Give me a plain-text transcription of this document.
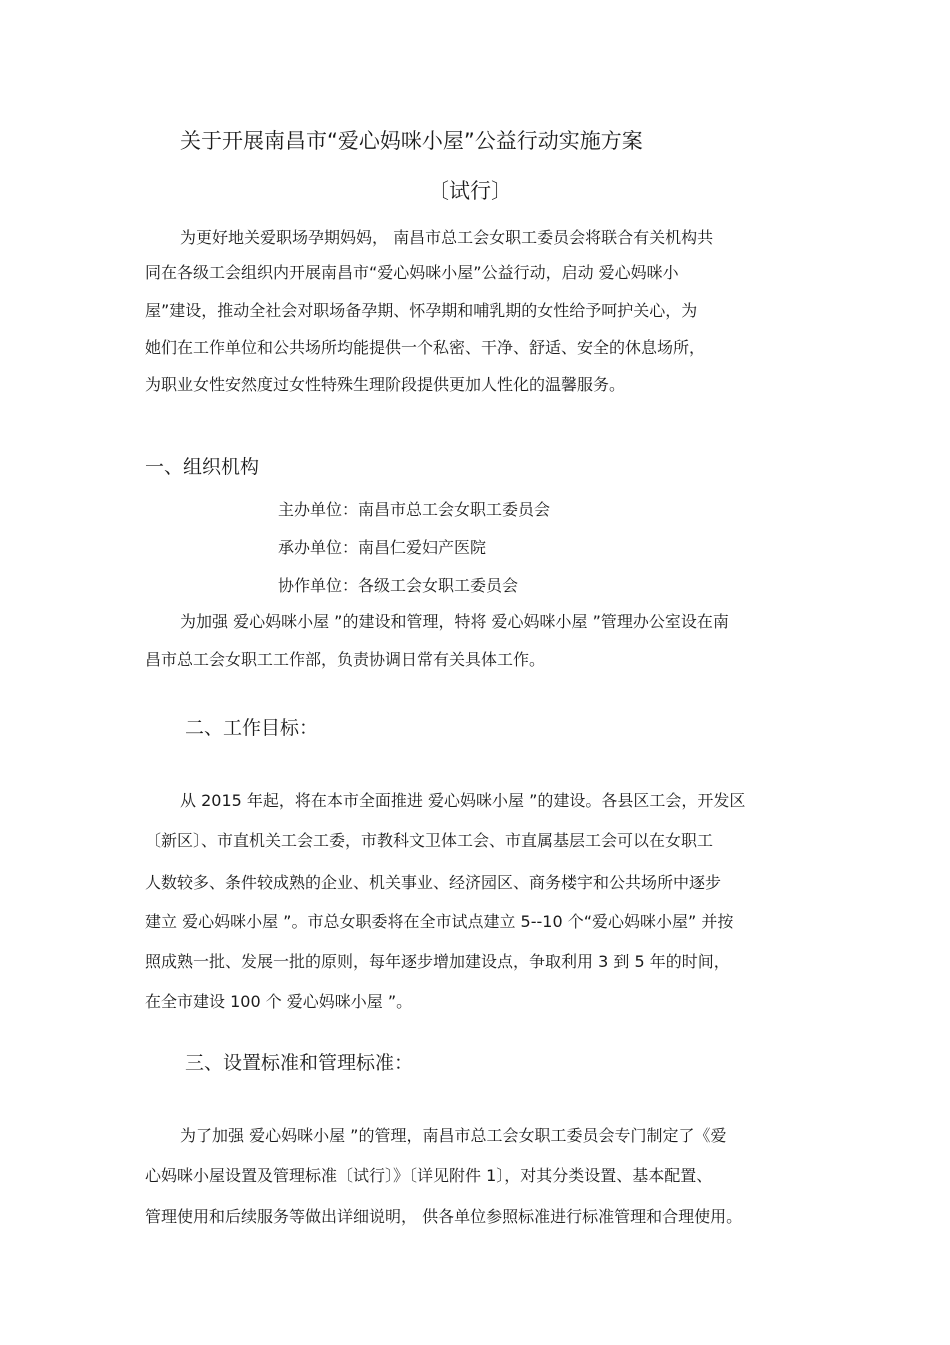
关于开展南昌市“爱心妈咪小屋”公益行动实施方案
〔试行〕
为更好地关爱职场孕期妈妈， 南昌市总工会女职工委员会将联合有关机构共
同在各级工会组织内开展南昌市“爱心妈咪小屋”公益行动，启动 爱心妈咪小
屋”建设，推动全社会对职场备孕期、怀孕期和哺乳期的女性给予呵护关心，为
她们在工作单位和公共场所均能提供一个私密、干净、舒适、安全的休息场所，
为职业女性安然度过女性特殊生理阶段提供更加人性化的温馨服务。
一、组织机构
主办单位：南昌市总工会女职工委员会
承办单位：南昌仁爱妇产医院
协作单位：各级工会女职工委员会
为加强 爱心妈咪小屋 ”的建设和管理，特将 爱心妈咪小屋 ”管理办公室设在南
昌市总工会女职工工作部，负责协调日常有关具体工作。
二、工作目标：
从 2015 年起，将在本市全面推进 爱心妈咪小屋 ”的建设。各县区工会，开发区
〔新区〕、市直机关工会工委，市教科文卫体工会、市直属基层工会可以在女职工
人数较多、条件较成熟的企业、机关事业、经济园区、商务楼宇和公共场所中逐步
建立 爱心妈咪小屋 ”。市总女职委将在全市试点建立 5--10 个“爱心妈咪小屋” 并按
照成熟一批、发展一批的原则，每年逐步增加建设点，争取利用 3 到 5 年的时间，
在全市建设 100 个 爱心妈咪小屋 ”。
三、设置标准和管理标准：
为了加强 爱心妈咪小屋 ”的管理，南昌市总工会女职工委员会专门制定了《爱
心妈咪小屋设置及管理标准〔试行〕》〔详见附件 1〕，对其分类设置、基本配置、
管理使用和后续服务等做出详细说明， 供各单位参照标准进行标准管理和合理使用。
